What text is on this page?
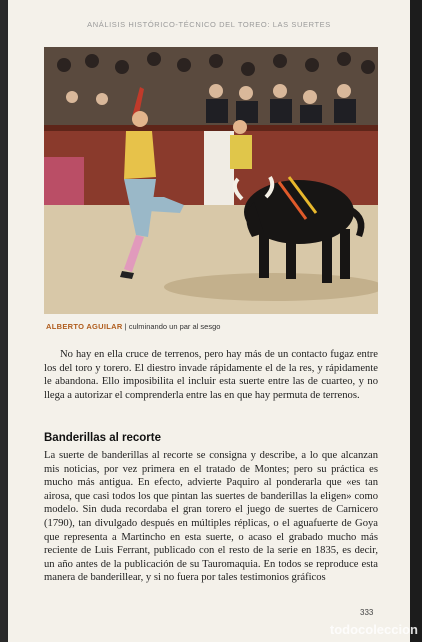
ANÁLISIS HISTÓRICO-TÉCNICO DEL TOREO: LAS SUERTES
ALBERTO AGUILAR | culminando un par al sesgo

No hay en ella cruce de terrenos, pero hay más de un contacto fugaz entre los del toro y torero. El diestro invade rápidamente el de la res, y rápidamente le abandona. Ello imposibilita el incluir esta suerte entre las de cuarteo, y no llega a autorizar el comprenderla entre las en que hay permuta de terrenos.

Banderillas al recorte

La suerte de banderillas al recorte se consigna y describe, a lo que alcanzan mis noticias, por vez primera en el tratado de Montes; pero su práctica es mucho más antigua. En efecto, advierte Paquiro al ponderarla que «es tan airosa, que casi todos los que pintan las suertes de banderillas la eligen» como modelo. Sin duda recordaba el gran torero el juego de suertes de Carnicero (1790), tan divulgado después en múltiples réplicas, o el aguafuerte de Goya que representa a Martincho en esta suerte, o acaso el grabado mucho más reciente de Luis Ferrant, publicado con el resto de la serie en 1835, es decir, un año antes de la publicación de su Tauromaquia. En todos se reproduce esta manera de banderillear, y si no fuera por tales testimonios gráficos

333
todocoleccion
